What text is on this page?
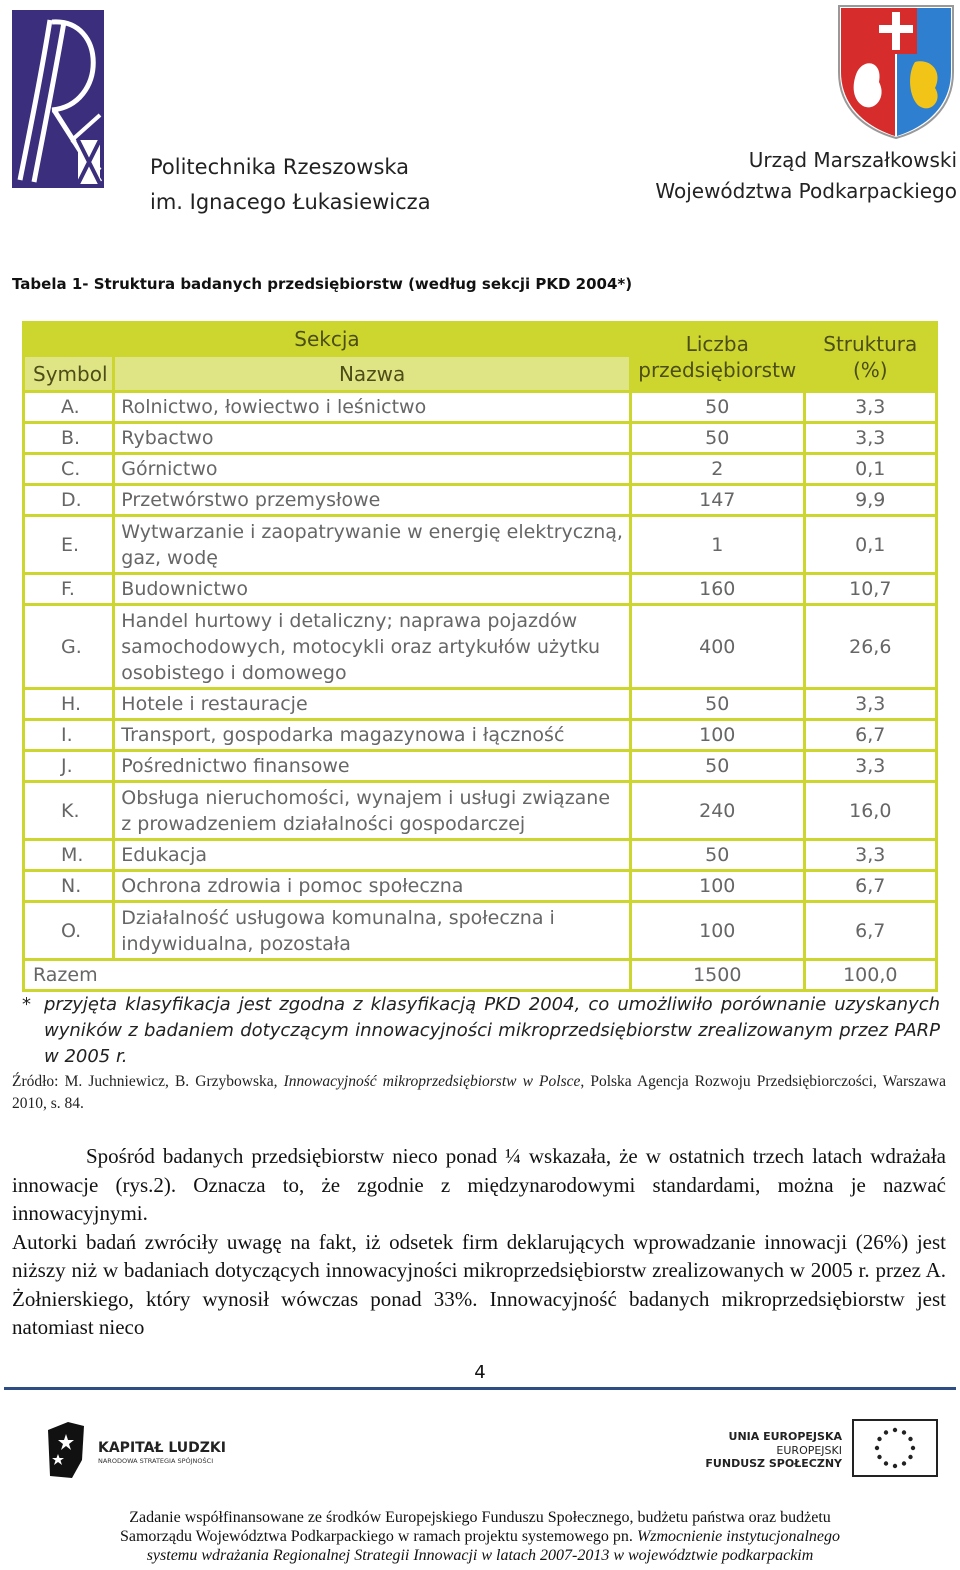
Politechnika Rzeszowska
im. Ignacego Łukasiewicza
Urząd Marszałkowski
Województwa Podkarpackiego
Tabela 1- Struktura badanych przedsiębiorstw (według sekcji PKD 2004*)
Sekcja		Liczba przedsiębiorstw	Struktura (%)
Symbol	Nazwa		
A.	Rolnictwo, łowiectwo i leśnictwo	50	3,3
B.	Rybactwo	50	3,3
C.	Górnictwo	2	0,1
D.	Przetwórstwo przemysłowe	147	9,9
E.	Wytwarzanie i zaopatrywanie w energię elektryczną, gaz, wodę	1	0,1
F.	Budownictwo	160	10,7
G.	Handel hurtowy i detaliczny; naprawa pojazdów samochodowych, motocykli oraz artykułów użytku osobistego i domowego	400	26,6
H.	Hotele i restauracje	50	3,3
I.	Transport, gospodarka magazynowa i łączność	100	6,7
J.	Pośrednictwo finansowe	50	3,3
K.	Obsługa nieruchomości, wynajem i usługi związane z prowadzeniem działalności gospodarczej	240	16,0
M.	Edukacja	50	3,3
N.	Ochrona zdrowia i pomoc społeczna	100	6,7
O.	Działalność usługowa komunalna, społeczna i indywidualna, pozostała	100	6,7
Razem		1500	100,0
* przyjęta klasyfikacja jest zgodna z klasyfikacją PKD 2004, co umożliwiło porównanie uzyskanych wyników z badaniem dotyczącym innowacyjności mikroprzedsiębiorstw zrealizowanym przez PARP w 2005 r.
Źródło: M. Juchniewicz, B. Grzybowska, Innowacyjność mikroprzedsiębiorstw w Polsce, Polska Agencja Rozwoju Przedsiębiorczości, Warszawa 2010, s. 84.

Spośród badanych przedsiębiorstw nieco ponad ¼ wskazała, że w ostatnich trzech latach wdrażała innowacje (rys.2). Oznacza to, że zgodnie z międzynarodowymi standardami, można je nazwać innowacyjnymi.

Autorki badań zwróciły uwagę na fakt, iż odsetek firm deklarujących wprowadzanie innowacji (26%) jest niższy niż w badaniach dotyczących innowacyjności mikroprzedsiębiorstw zrealizowanych w 2005 r. przez A. Żołnierskiego, który wynosił wówczas ponad 33%. Innowacyjność badanych mikroprzedsiębiorstw jest natomiast nieco

4
KAPITAŁ LUDZKI
NARODOWA STRATEGIA SPÓJNOŚCI
UNIA EUROPEJSKA
EUROPEJSKI
FUNDUSZ SPOŁECZNY
Zadanie współfinansowane ze środków Europejskiego Funduszu Społecznego, budżetu państwa oraz budżetu
Samorządu Województwa Podkarpackiego w ramach projektu systemowego pn. Wzmocnienie instytucjonalnego
systemu wdrażania Regionalnej Strategii Innowacji w latach 2007-2013 w województwie podkarpackim
